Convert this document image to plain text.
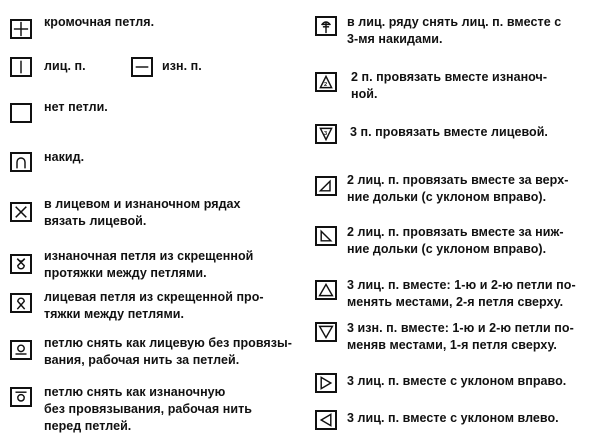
кромочная петля.
лиц. п.	изн. п.
нет петли.
накид.
в лицевом и изнаночном рядах
вязать лицевой.
изнаночная петля из скрещенной
протяжки между петлями.
лицевая петля из скрещенной про-
тяжки между петлями.
петлю снять как лицевую без провязы-
вания, рабочая нить за петлей.
петлю снять как изнаночную
без провязывания, рабочая нить
перед петлей.
в лиц. ряду снять лиц. п. вместе с
3-мя накидами.
2
2 п. провязать вместе изнаноч-
ной.
3 3 п. провязать вместе лицевой.
2 лиц. п. провязать вместе за верх-
ние дольки (с уклоном вправо).
2 лиц. п. провязать вместе за ниж-
ние дольки (с уклоном вправо).
3 лиц. п. вместе: 1-ю и 2-ю петли по-
менять местами, 2-я петля сверху.
3 изн. п. вместе: 1-ю и 2-ю петли по-
меняв местами, 1-я петля сверху.
3 лиц. п. вместе с уклоном вправо.
3 лиц. п. вместе с уклоном влево.
